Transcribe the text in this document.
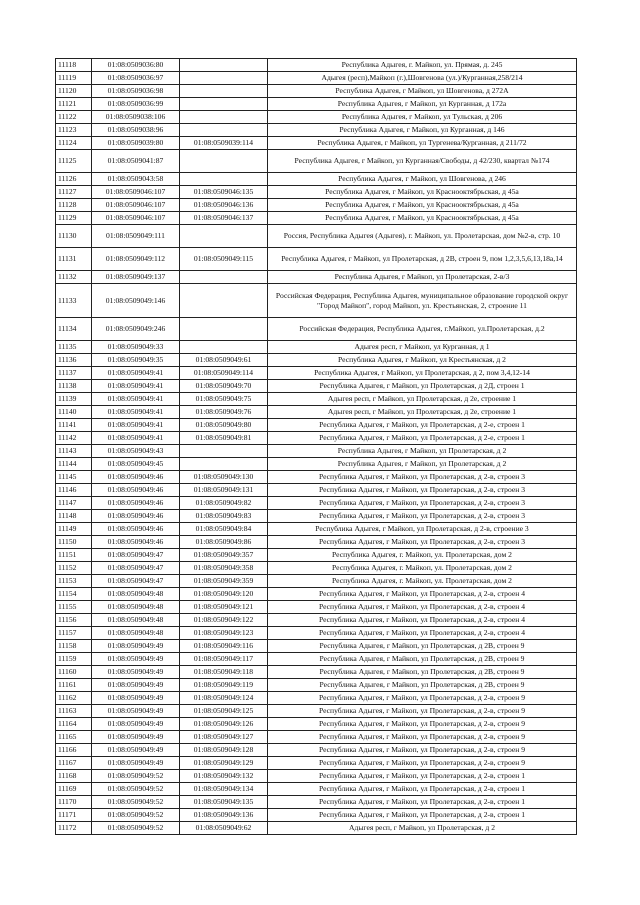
11118	01:08:0509036:80		Республика Адыгея, г. Майкоп, ул. Прямая, д. 245
11119	01:08:0509036:97		Адыгея (респ),Майкоп (г.),Шовгенова (ул.)/Курганная,258/214
11120	01:08:0509036:98		Республика Адыгея, г Майкоп, ул Шовгенова, д 272А
11121	01:08:0509036:99		Республика Адыгея, г Майкоп, ул Курганная, д 172а
11122	01:08:0509038:106		Республика Адыгея, г Майкоп, ул Тульская, д 206
11123	01:08:0509038:96		Республика Адыгея, г Майкоп, ул Курганная, д 146
11124	01:08:0509039:80	01:08:0509039:114	Республика Адыгея, г Майкоп, ул Тургенева/Курганная, д 211/72
11125	01:08:0509041:87		Республика Адыгея, г Майкоп, ул Курганная/Свободы, д 42/230, квартал №174
11126	01:08:0509043:58		Республика Адыгея, г Майкоп, ул Шовгенова, д 246
11127	01:08:0509046:107	01:08:0509046:135	Республика Адыгея, г Майкоп, ул Краснооктябрьская, д 45а
11128	01:08:0509046:107	01:08:0509046:136	Республика Адыгея, г Майкоп, ул Краснооктябрьская, д 45а
11129	01:08:0509046:107	01:08:0509046:137	Республика Адыгея, г Майкоп, ул Краснооктябрьская, д 45а
11130	01:08:0509049:111		Россия, Республика Адыгея (Адыгея), г. Майкоп, ул. Пролетарская, дом №2-в, стр. 10
11131	01:08:0509049:112	01:08:0509049:115	Республика Адыгея, г Майкоп, ул Пролетарская, д 2В, строен 9, пом 1,2,3,5,6,13,18а,14
11132	01:08:0509049:137		Республика Адыгея, г Майкоп, ул Пролетарская, 2-в/3
11133	01:08:0509049:146		Российская Федерация, Республика Адыгея, муниципальное образование городской округ "Город Майкоп", город Майкоп, ул. Крестьянская, 2, строение 11
11134	01:08:0509049:246		Российская Федерация, Республика Адыгея, г.Майкоп, ул.Пролетарская, д.2
11135	01:08:0509049:33		Адыгея респ, г Майкоп, ул Курганная, д 1
11136	01:08:0509049:35	01:08:0509049:61	Республика Адыгея, г Майкоп, ул Крестьянская, д 2
11137	01:08:0509049:41	01:08:0509049:114	Республика Адыгея, г Майкоп, ул Пролетарская, д 2, пом 3,4,12-14
11138	01:08:0509049:41	01:08:0509049:70	Республика Адыгея, г Майкоп, ул Пролетарская, д 2Д, строен 1
11139	01:08:0509049:41	01:08:0509049:75	Адыгея респ, г Майкоп, ул Пролетарская, д 2е, строение 1
11140	01:08:0509049:41	01:08:0509049:76	Адыгея респ, г Майкоп, ул Пролетарская, д 2е, строение 1
11141	01:08:0509049:41	01:08:0509049:80	Республика Адыгея, г Майкоп, ул Пролетарская, д 2-е, строен 1
11142	01:08:0509049:41	01:08:0509049:81	Республика Адыгея, г Майкоп, ул Пролетарская, д 2-е, строен 1
11143	01:08:0509049:43		Республика Адыгея, г Майкоп, ул Пролетарская, д 2
11144	01:08:0509049:45		Республика Адыгея, г Майкоп, ул Пролетарская, д 2
11145	01:08:0509049:46	01:08:0509049:130	Республика Адыгея, г Майкоп, ул Пролетарская, д 2-в, строен 3
11146	01:08:0509049:46	01:08:0509049:131	Республика Адыгея, г Майкоп, ул Пролетарская, д 2-в, строен 3
11147	01:08:0509049:46	01:08:0509049:82	Республика Адыгея, г Майкоп, ул Пролетарская, д 2-в, строен 3
11148	01:08:0509049:46	01:08:0509049:83	Республика Адыгея, г Майкоп, ул Пролетарская, д 2-в, строен 3
11149	01:08:0509049:46	01:08:0509049:84	Республика Адыгея, г Майкоп, ул Пролетарская, д 2-в, строение 3
11150	01:08:0509049:46	01:08:0509049:86	Республика Адыгея, г Майкоп, ул Пролетарская, д 2-в, строен 3
11151	01:08:0509049:47	01:08:0509049:357	Республика Адыгея, г. Майкоп, ул. Пролетарская, дом 2
11152	01:08:0509049:47	01:08:0509049:358	Республика Адыгея, г. Майкоп, ул. Пролетарская, дом 2
11153	01:08:0509049:47	01:08:0509049:359	Республика Адыгея, г. Майкоп, ул. Пролетарская, дом 2
11154	01:08:0509049:48	01:08:0509049:120	Республика Адыгея, г Майкоп, ул Пролетарская, д 2-в, строен 4
11155	01:08:0509049:48	01:08:0509049:121	Республика Адыгея, г Майкоп, ул Пролетарская, д 2-в, строен 4
11156	01:08:0509049:48	01:08:0509049:122	Республика Адыгея, г Майкоп, ул Пролетарская, д 2-в, строен 4
11157	01:08:0509049:48	01:08:0509049:123	Республика Адыгея, г Майкоп, ул Пролетарская, д 2-в, строен 4
11158	01:08:0509049:49	01:08:0509049:116	Республика Адыгея, г Майкоп, ул Пролетарская, д 2В, строен 9
11159	01:08:0509049:49	01:08:0509049:117	Республика Адыгея, г Майкоп, ул Пролетарская, д 2В, строен 9
11160	01:08:0509049:49	01:08:0509049:118	Республика Адыгея, г Майкоп, ул Пролетарская, д 2В, строен 9
11161	01:08:0509049:49	01:08:0509049:119	Республика Адыгея, г Майкоп, ул Пролетарская, д 2В, строен 9
11162	01:08:0509049:49	01:08:0509049:124	Республика Адыгея, г Майкоп, ул Пролетарская, д 2-в, строен 9
11163	01:08:0509049:49	01:08:0509049:125	Республика Адыгея, г Майкоп, ул Пролетарская, д 2-в, строен 9
11164	01:08:0509049:49	01:08:0509049:126	Республика Адыгея, г Майкоп, ул Пролетарская, д 2-в, строен 9
11165	01:08:0509049:49	01:08:0509049:127	Республика Адыгея, г Майкоп, ул Пролетарская, д 2-в, строен 9
11166	01:08:0509049:49	01:08:0509049:128	Республика Адыгея, г Майкоп, ул Пролетарская, д 2-в, строен 9
11167	01:08:0509049:49	01:08:0509049:129	Республика Адыгея, г Майкоп, ул Пролетарская, д 2-в, строен 9
11168	01:08:0509049:52	01:08:0509049:132	Республика Адыгея, г Майкоп, ул Пролетарская, д 2-в, строен 1
11169	01:08:0509049:52	01:08:0509049:134	Республика Адыгея, г Майкоп, ул Пролетарская, д 2-в, строен 1
11170	01:08:0509049:52	01:08:0509049:135	Республика Адыгея, г Майкоп, ул Пролетарская, д 2-в, строен 1
11171	01:08:0509049:52	01:08:0509049:136	Республика Адыгея, г Майкоп, ул Пролетарская, д 2-в, строен 1
11172	01:08:0509049:52	01:08:0509049:62	Адыгея респ, г Майкоп, ул Пролетарская, д 2
